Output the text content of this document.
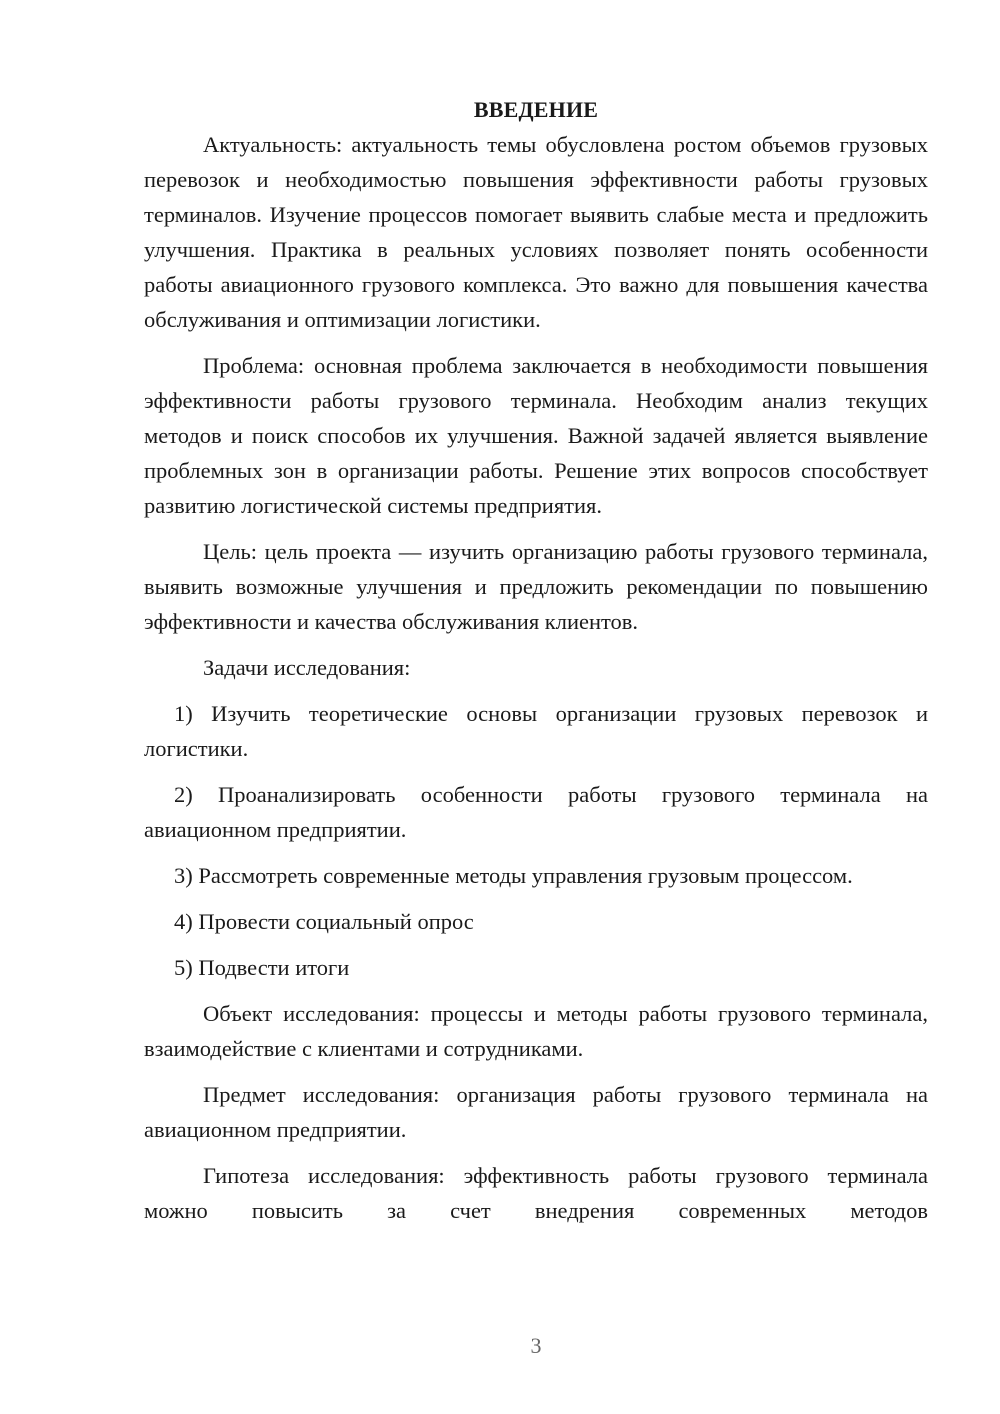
ВВЕДЕНИЕ

Актуальность: актуальность темы обусловлена ростом объемов грузовых перевозок и необходимостью повышения эффективности работы грузовых терминалов. Изучение процессов помогает выявить слабые места и предложить улучшения. Практика в реальных условиях позволяет понять особенности работы авиационного грузового комплекса. Это важно для повышения качества обслуживания и оптимизации логистики.

Проблема: основная проблема заключается в необходимости повышения эффективности работы грузового терминала. Необходим анализ текущих методов и поиск способов их улучшения. Важной задачей является выявление проблемных зон в организации работы. Решение этих вопросов способствует развитию логистической системы предприятия.

Цель: цель проекта — изучить организацию работы грузового терминала, выявить возможные улучшения и предложить рекомендации по повышению эффективности и качества обслуживания клиентов.

Задачи исследования:

1) Изучить теоретические основы организации грузовых перевозок и логистики.

2) Проанализировать особенности работы грузового терминала на авиационном предприятии.

3) Рассмотреть современные методы управления грузовым процессом.

4) Провести социальный опрос

5) Подвести итоги

Объект исследования: процессы и методы работы грузового терминала, взаимодействие с клиентами и сотрудниками.

Предмет исследования: организация работы грузового терминала на авиационном предприятии.

Гипотеза исследования: эффективность работы грузового терминала можно повысить за счет внедрения современных методов

3
